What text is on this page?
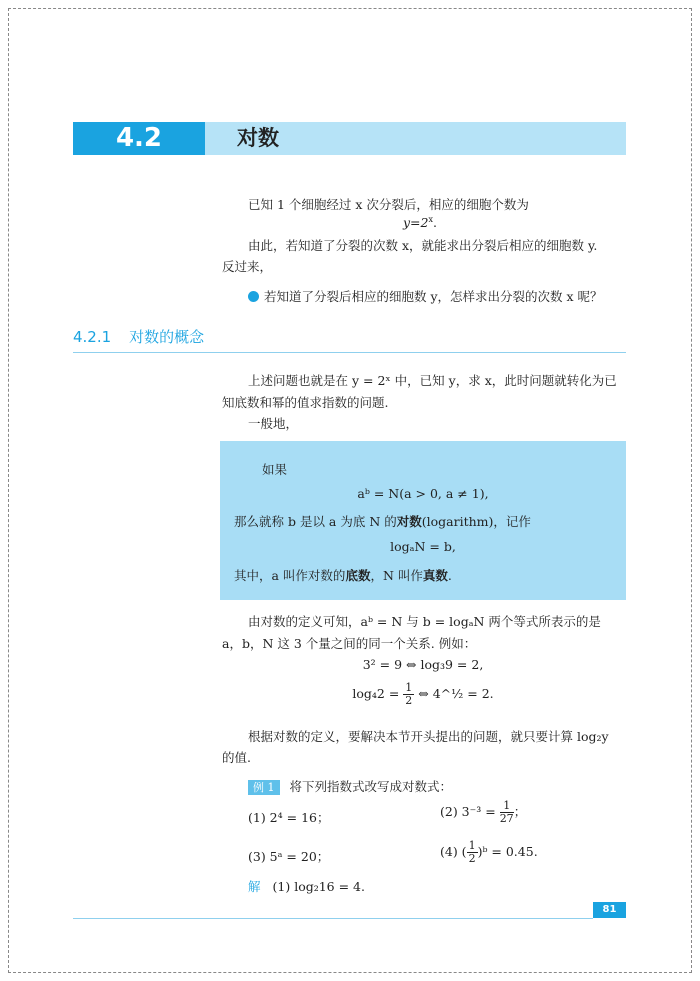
4.2	对数
已知 1 个细胞经过 x 次分裂后，相应的细胞个数为
$y=2^x$.
由此，若知道了分裂的次数 x，就能求出分裂后相应的细胞数 y.
反过来，
若知道了分裂后相应的细胞数 y，怎样求出分裂的次数 x 呢？
4.2.1 对数的概念
上述问题也就是在 y = 2ˣ 中，已知 y，求 x，此时问题就转化为已
知底数和幂的值求指数的问题.
一般地，
如果
aᵇ = N(a > 0, a ≠ 1),
那么就称 b 是以 a 为底 N 的对数(logarithm)，记作
logₐN = b,
其中，a 叫作对数的底数，N 叫作真数.
由对数的定义可知，aᵇ = N 与 b = logₐN 两个等式所表示的是
a，b，N 这 3 个量之间的同一个关系. 例如：
3² = 9 ⇔ log₃9 = 2,
$\log_42 = \frac{1}{2}$ ⇔ 4^½ = 2.
根据对数的定义，要解决本节开头提出的问题，就只要计算 log₂y
的值.
例 1 将下列指数式改写成对数式：
(1) 2⁴ = 16；	(2) $3^{-3} = \frac{1}{27}$ ；
(3) 5ᵃ = 20；	(4) ( $\frac{1}{2}$ )ᵇ = 0.45.
解 (1) log₂16 = 4.
81
